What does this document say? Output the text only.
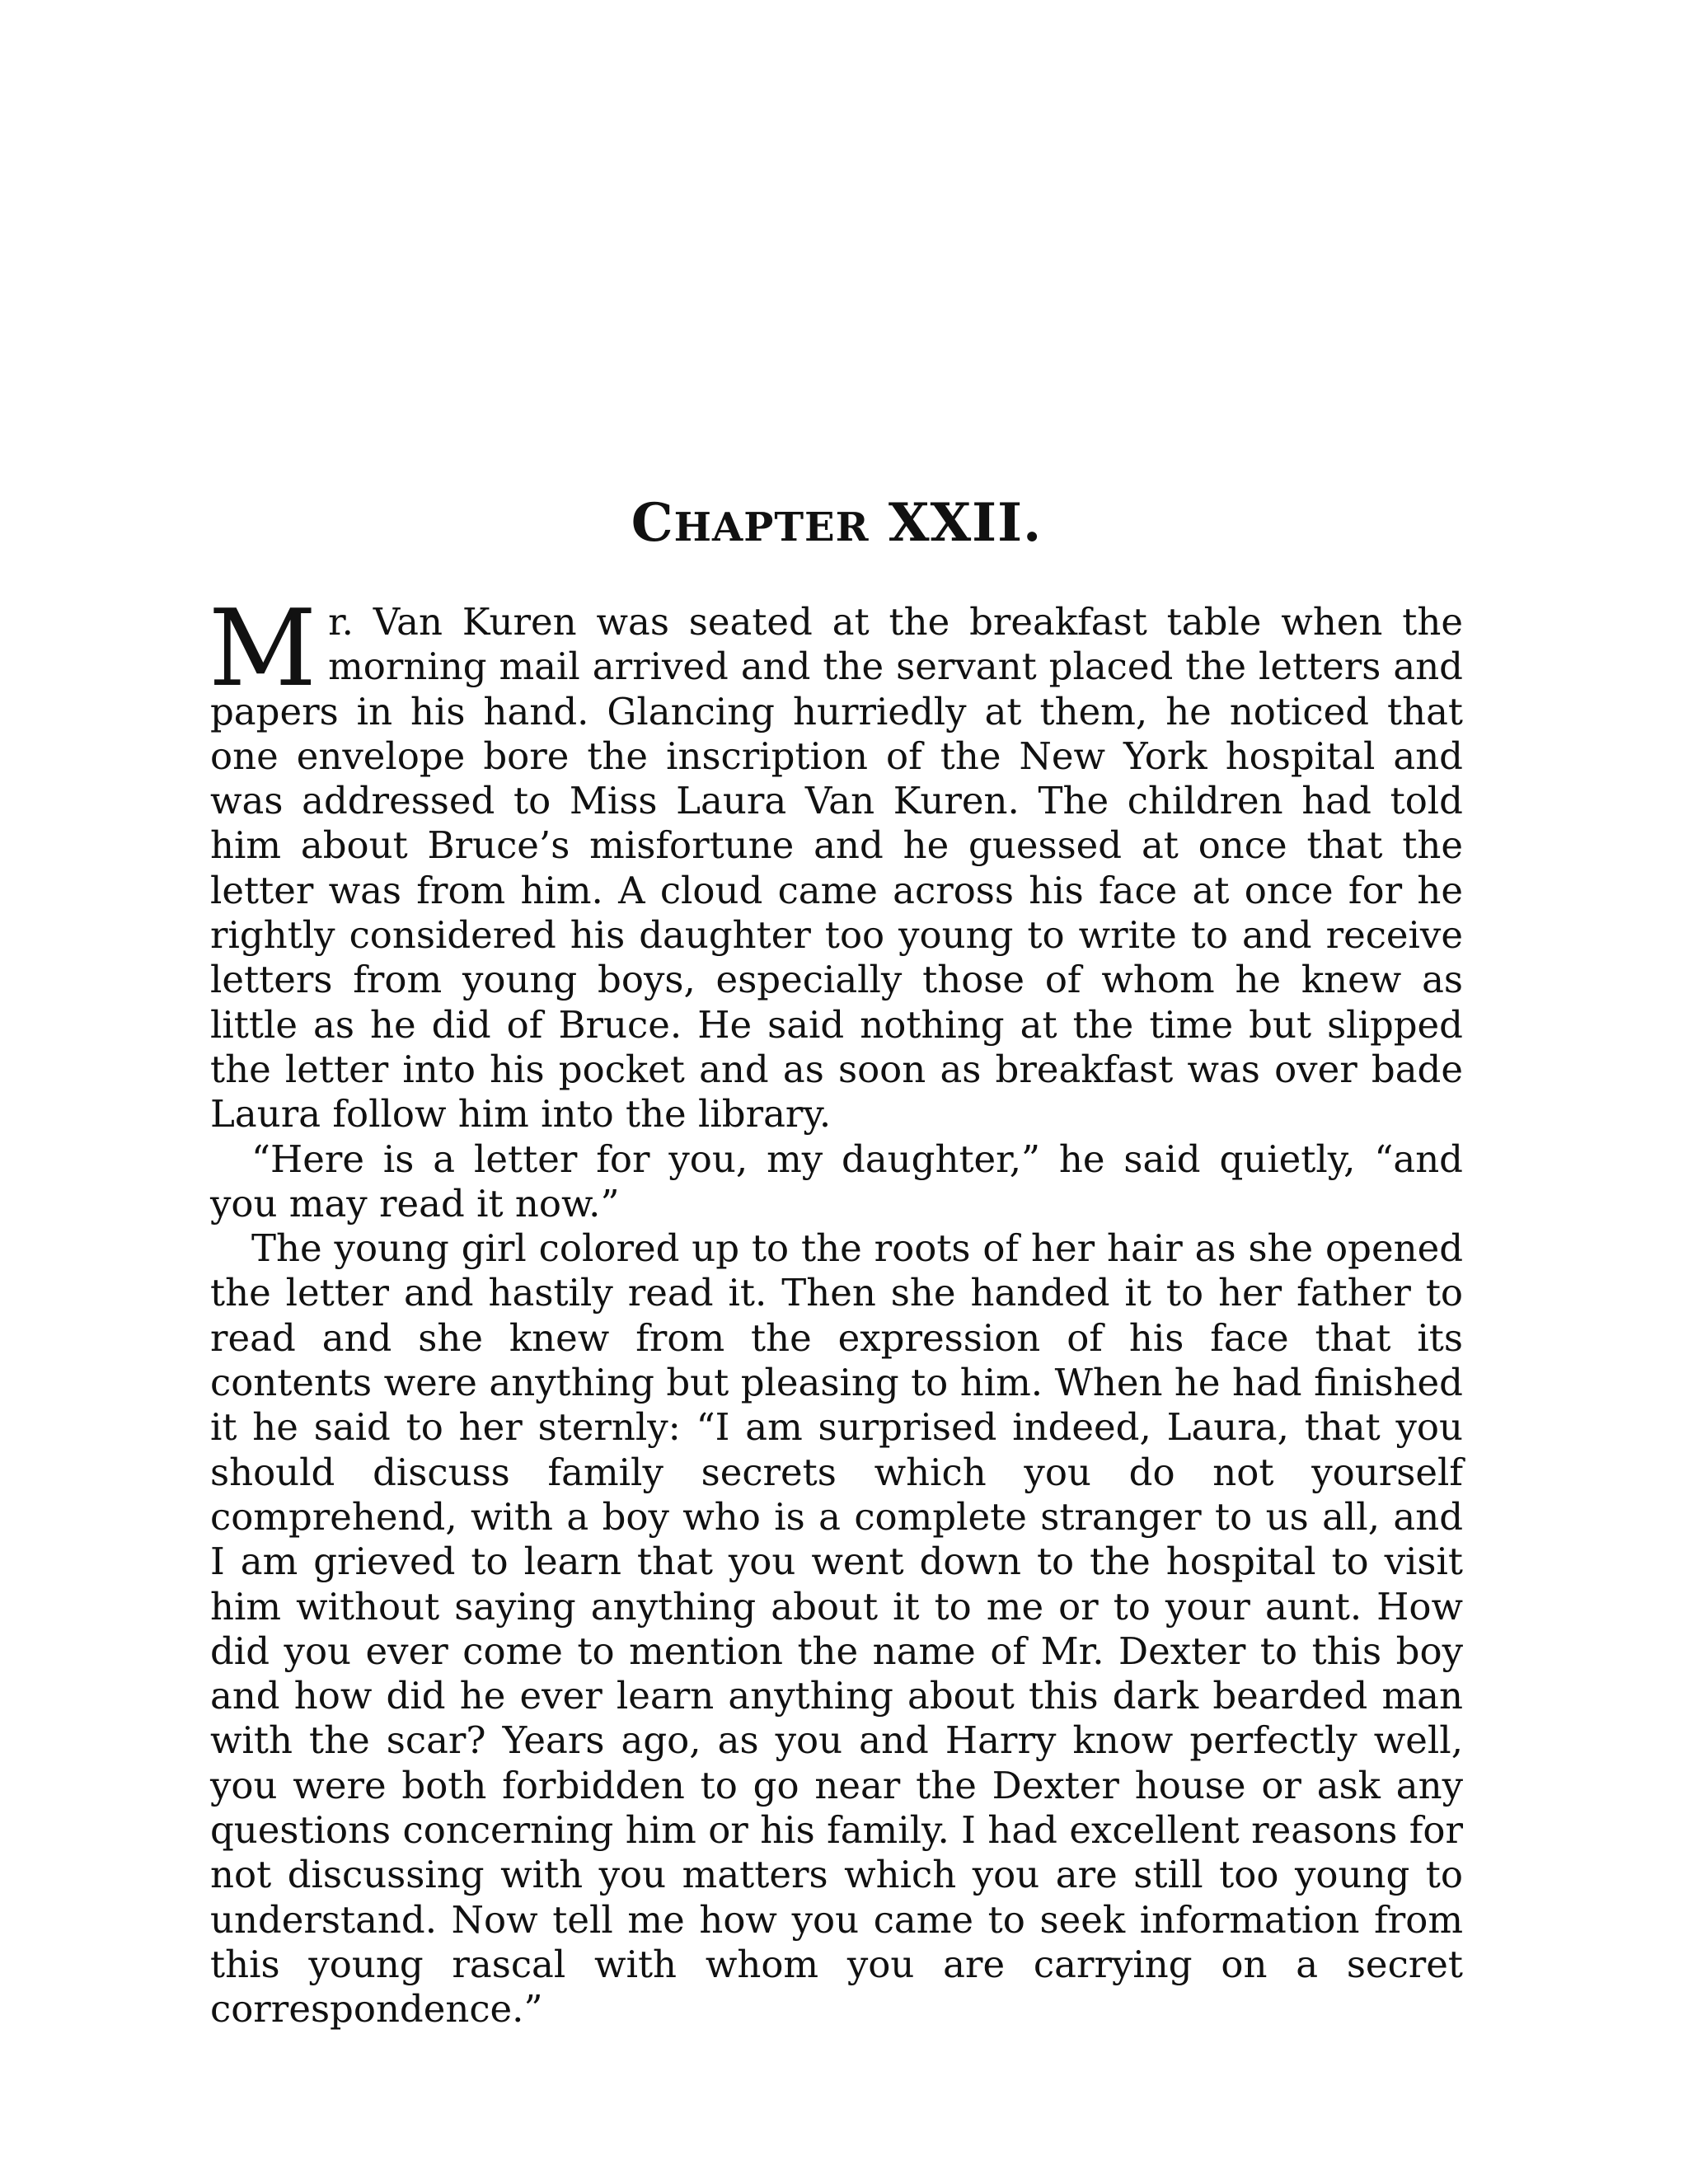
CHAPTER XXII.

Mr. Van Kuren was seated at the breakfast table when the morning mail arrived and the servant placed the letters and papers in his hand. Glancing hurriedly at them, he noticed that one envelope bore the inscription of the New York hospital and was addressed to Miss Laura Van Kuren. The children had told him about Bruce’s misfortune and he guessed at once that the letter was from him. A cloud came across his face at once for he rightly considered his daughter too young to write to and receive letters from young boys, especially those of whom he knew as little as he did of Bruce. He said nothing at the time but slipped the letter into his pocket and as soon as breakfast was over bade Laura follow him into the library.

“Here is a letter for you, my daughter,” he said quietly, “and you may read it now.”

The young girl colored up to the roots of her hair as she opened the letter and hastily read it. Then she handed it to her father to read and she knew from the expression of his face that its contents were anything but pleasing to him. When he had finished it he said to her sternly: “I am surprised indeed, Laura, that you should discuss family secrets which you do not yourself comprehend, with a boy who is a complete stranger to us all, and I am grieved to learn that you went down to the hospital to visit him without saying anything about it to me or to your aunt. How did you ever come to mention the name of Mr. Dexter to this boy and how did he ever learn anything about this dark bearded man with the scar? Years ago, as you and Harry know perfectly well, you were both forbidden to go near the Dexter house or ask any questions concerning him or his family. I had excellent reasons for not discussing with you matters which you are still too young to understand. Now tell me how you came to seek information from this young rascal with whom you are carrying on a secret correspondence.”
